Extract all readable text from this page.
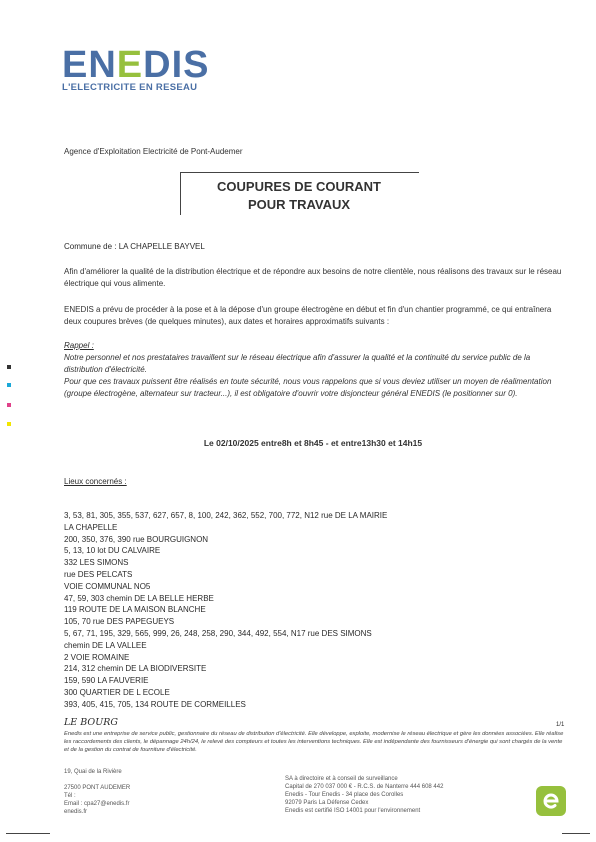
ENEDIS
L'ELECTRICITE EN RESEAU
Agence d'Exploitation Electricité de Pont-Audemer
COUPURES DE COURANT
POUR TRAVAUX
Commune de : LA CHAPELLE BAYVEL
Afin d'améliorer la qualité de la distribution électrique et de répondre aux besoins de notre clientèle, nous réalisons des travaux sur le réseau électrique qui vous alimente.
ENEDIS a prévu de procéder à la pose et à la dépose d'un groupe électrogène en début et fin d'un chantier programmé, ce qui entraînera deux coupures brèves (de quelques minutes), aux dates et horaires approximatifs suivants :
Rappel :
Notre personnel et nos prestataires travaillent sur le réseau électrique afin d'assurer la qualité et la continuité du service public de la distribution d'électricité.
Pour que ces travaux puissent être réalisés en toute sécurité, nous vous rappelons que si vous deviez utiliser un moyen de réalimentation (groupe électrogène, alternateur sur tracteur...), il est obligatoire d'ouvrir votre disjoncteur général ENEDIS (le positionner sur 0).
Le 02/10/2025 entre8h et 8h45 - et entre13h30 et 14h15
Lieux concernés :
3, 53, 81, 305, 355, 537, 627, 657, 8, 100, 242, 362, 552, 700, 772, N12 rue DE LA MAIRIE
LA CHAPELLE
200, 350, 376, 390 rue BOURGUIGNON
5, 13, 10 lot DU CALVAIRE
332 LES SIMONS
rue DES PELCATS
VOIE COMMUNAL NO5
47, 59, 303 chemin DE LA BELLE HERBE
119 ROUTE DE LA MAISON BLANCHE
105, 70 rue DES PAPEGUEYS
5, 67, 71, 195, 329, 565, 999, 26, 248, 258, 290, 344, 492, 554, N17 rue DES SIMONS
chemin DE LA VALLEE
2 VOIE ROMAINE
214, 312 chemin DE LA BIODIVERSITE
159, 590 LA FAUVERIE
300 QUARTIER DE L ECOLE
393, 405, 415, 705, 134 ROUTE DE CORMEILLES
LE BOURG	1/1
Enedis est une entreprise de service public, gestionnaire du réseau de distribution d'électricité. Elle développe, exploite, modernise le réseau électrique et gère les données associées. Elle réalise les raccordements des clients, le dépannage 24h/24, le relevé des compteurs et toutes les interventions techniques. Elle est indépendante des fournisseurs d'énergie qui sont chargés de la vente et de la gestion du contrat de fourniture d'électricité.
19, Quai de la Rivière
27500 PONT AUDEMER
Tél :
Email : cpa27@enedis.fr
enedis.fr
SA à directoire et à conseil de surveillance
Capital de 270 037 000 € - R.C.S. de Nanterre 444 608 442
Enedis - Tour Enedis - 34 place des Corolles
92079 Paris La Défense Cedex
Enedis est certifié ISO 14001 pour l'environnement
